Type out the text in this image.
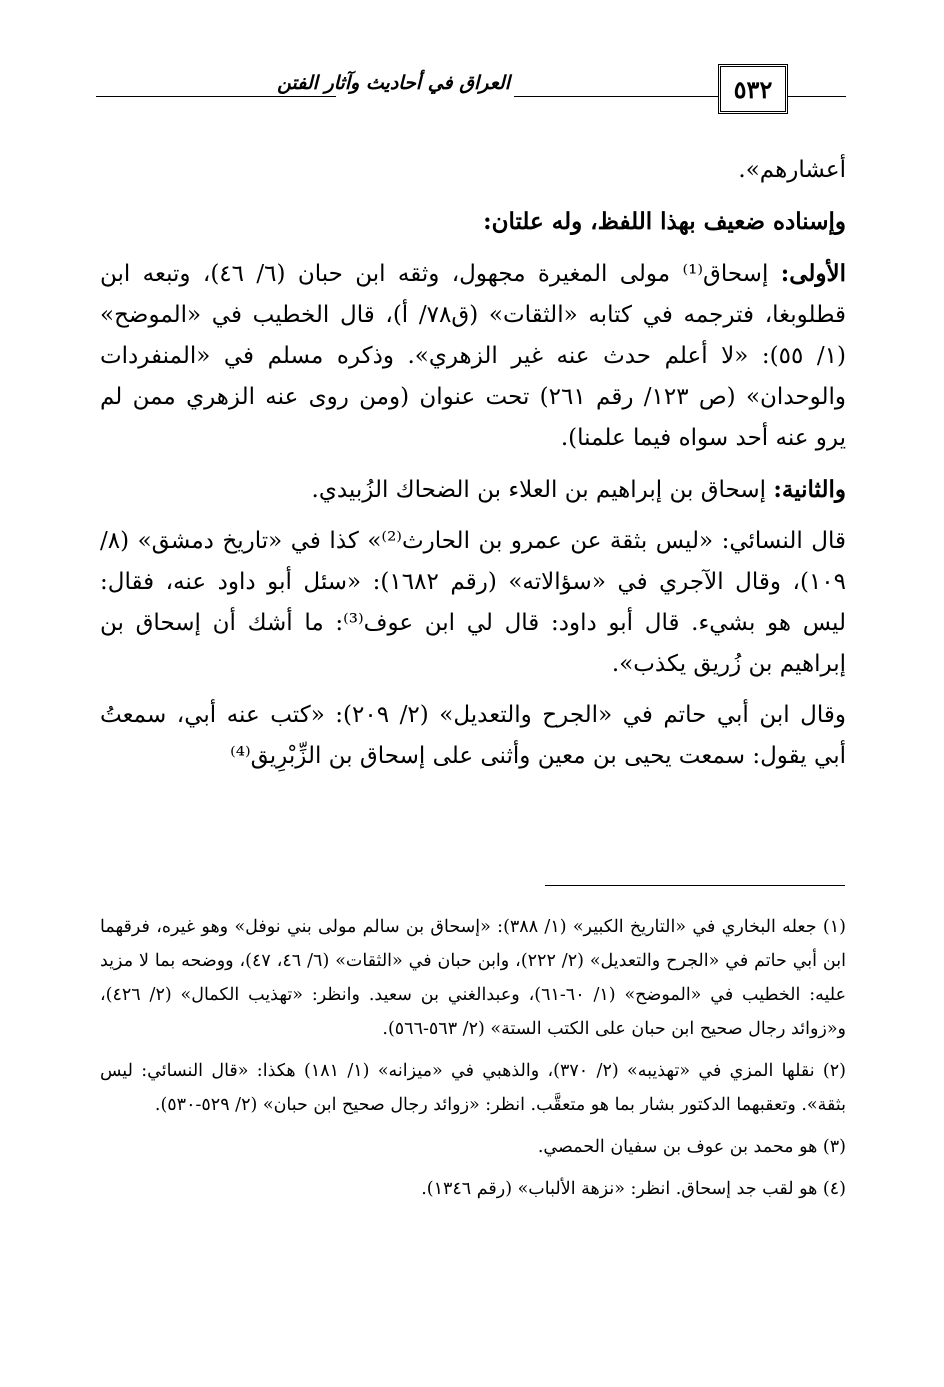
العراق في أحاديث وآثار الفتن	٥٣٢

أعشارهم».

وإسناده ضعيف بهذا اللفظ، وله علتان:

الأولى: إسحاق⁽¹⁾ مولى المغيرة مجهول، وثقه ابن حبان (٦/ ٤٦)، وتبعه ابن قطلوبغا، فترجمه في كتابه «الثقات» (ق٧٨/ أ)، قال الخطيب في «الموضح» (١/ ٥٥): «لا أعلم حدث عنه غير الزهري». وذكره مسلم في «المنفردات والوحدان» (ص ١٢٣/ رقم ٢٦١) تحت عنوان (ومن روى عنه الزهري ممن لم يرو عنه أحد سواه فيما علمنا).

والثانية: إسحاق بن إبراهيم بن العلاء بن الضحاك الزُبيدي.

قال النسائي: «ليس بثقة عن عمرو بن الحارث⁽²⁾» كذا في «تاريخ دمشق» (٨/ ١٠٩)، وقال الآجري في «سؤالاته» (رقم ١٦٨٢): «سئل أبو داود عنه، فقال: ليس هو بشيء. قال أبو داود: قال لي ابن عوف⁽³⁾: ما أشك أن إسحاق بن إبراهيم بن زُريق يكذب».

وقال ابن أبي حاتم في «الجرح والتعديل» (٢/ ٢٠٩): «كتب عنه أبي، سمعتُ أبي يقول: سمعت يحيى بن معين وأثنى على إسحاق بن الزِّبْرِيق⁽⁴⁾

(١) جعله البخاري في «التاريخ الكبير» (١/ ٣٨٨): «إسحاق بن سالم مولى بني نوفل» وهو غيره، فرقهما ابن أبي حاتم في «الجرح والتعديل» (٢/ ٢٢٢)، وابن حبان في «الثقات» (٦/ ٤٦، ٤٧)، ووضحه بما لا مزيد عليه: الخطيب في «الموضح» (١/ ٦٠-٦١)، وعبدالغني بن سعيد. وانظر: «تهذيب الكمال» (٢/ ٤٢٦)، و«زوائد رجال صحيح ابن حبان على الكتب الستة» (٢/ ٥٦٣-٥٦٦).

(٢) نقلها المزي في «تهذيبه» (٢/ ٣٧٠)، والذهبي في «ميزانه» (١/ ١٨١) هكذا: «قال النسائي: ليس بثقة». وتعقبهما الدكتور بشار بما هو متعقَّب. انظر: «زوائد رجال صحيح ابن حبان» (٢/ ٥٢٩-٥٣٠).

(٣) هو محمد بن عوف بن سفيان الحمصي.

(٤) هو لقب جد إسحاق. انظر: «نزهة الألباب» (رقم ١٣٤٦).
